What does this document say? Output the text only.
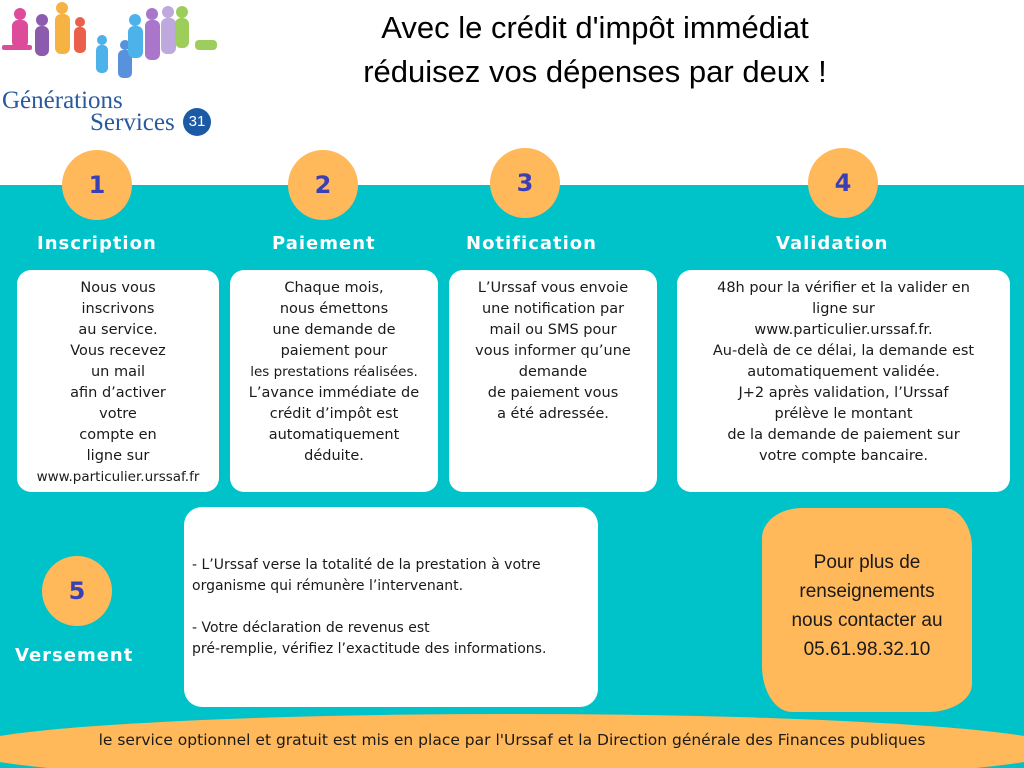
Générations
Services 31
Avec le crédit d'impôt immédiat
réduisez vos dépenses par deux !
1
Inscription
Nous vous
inscrivons
au service.
Vous recevez
un mail
afin d’activer
votre
compte en
ligne sur
www.particulier.urssaf.fr
2
Paiement
Chaque mois,
nous émettons
une demande de
paiement pour
les prestations réalisées.
L’avance immédiate de
crédit d’impôt est
automatiquement
déduite.
3
Notification
L’Urssaf vous envoie
une notification par
mail ou SMS pour
vous informer qu’une
demande
de paiement vous
a été adressée.
4
Validation
48h pour la vérifier et la valider en
ligne sur
www.particulier.urssaf.fr.
Au-delà de ce délai, la demande est
automatiquement validée.
J+2 après validation, l’Urssaf
prélève le montant
de la demande de paiement sur
votre compte bancaire.
5
Versement
- L’Urssaf verse la totalité de la prestation à votre
organisme qui rémunère l’intervenant.
- Votre déclaration de revenus est
pré-remplie, vérifiez l’exactitude des informations.
Pour plus de
renseignements
nous contacter au
05.61.98.32.10
le service optionnel et gratuit est mis en place par l'Urssaf et la Direction générale des Finances publiques
